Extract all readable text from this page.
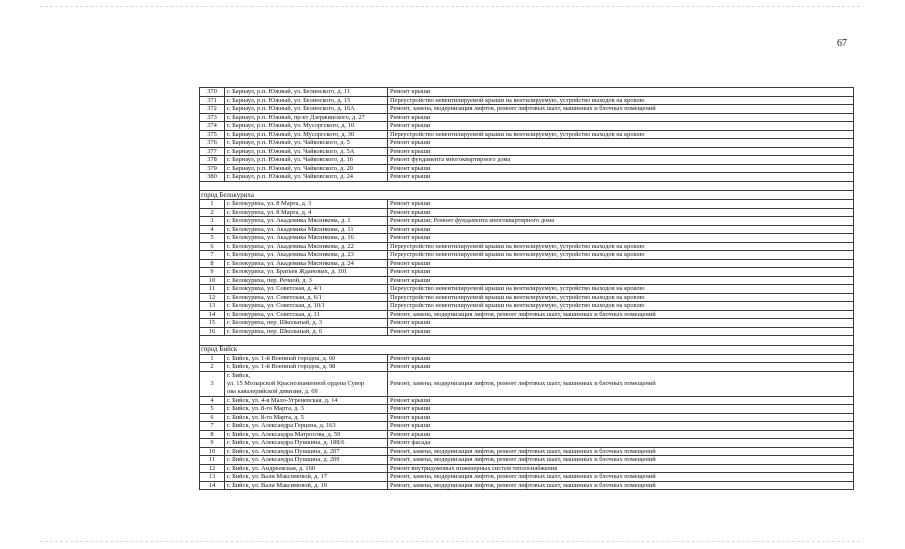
67
370	г. Барнаул, р.п. Южный, ул. Белинского, д. 11	Ремонт крыши
371	г. Барнаул, р.п. Южный, ул. Белинского, д. 15	Переустройство невентилируемой крыши на вентилируемую, устройство выходов на кровлю
372	г. Барнаул, р.п. Южный, ул. Белинского, д. 16А	Ремонт, замена, модернизация лифтов, ремонт лифтовых шахт, машинных и блочных помещений
373	г. Барнаул, р.п. Южный, пр-кт Дзержинского, д. 27	Ремонт крыши
374	г. Барнаул, р.п. Южный, ул. Мусоргского, д. 10	Ремонт крыши
375	г. Барнаул, р.п. Южный, ул. Мусоргского, д. 30	Переустройство невентилируемой крыши на вентилируемую, устройство выходов на кровлю
376	г. Барнаул, р.п. Южный, ул. Чайковского, д. 5	Ремонт крыши
377	г. Барнаул, р.п. Южный, ул. Чайковского, д. 5А	Ремонт крыши
378	г. Барнаул, р.п. Южный, ул. Чайковского, д. 16	Ремонт фундамента многоквартирного дома
379	г. Барнаул, р.п. Южный, ул. Чайковского, д. 20	Ремонт крыши
380	г. Барнаул, р.п. Южный, ул. Чайковского, д. 24	Ремонт крыши

город Белокуриха		
1	г. Белокуриха, ул. 8 Марта, д. 3	Ремонт крыши
2	г. Белокуриха, ул. 8 Марта, д. 4	Ремонт крыши
3	г. Белокуриха, ул. Академика Мясникова, д. 1	Ремонт крыши; Ремонт фундамента многоквартирного дома
4	г. Белокуриха, ул. Академика Мясникова, д. 11	Ремонт крыши
5	г. Белокуриха, ул. Академика Мясникова, д. 16	Ремонт крыши
6	г. Белокуриха, ул. Академика Мясникова, д. 22	Переустройство невентилируемой крыши на вентилируемую, устройство выходов на кровлю
7	г. Белокуриха, ул. Академика Мясникова, д. 23	Переустройство невентилируемой крыши на вентилируемую, устройство выходов на кровлю
8	г. Белокуриха, ул. Академика Мясникова, д. 24	Ремонт крыши
9	г. Белокуриха, ул. Братьев Ждановых, д. 101	Ремонт крыши
10	г. Белокуриха, пер. Речной, д. 3	Ремонт крыши
11	г. Белокуриха, ул. Советская, д. 4/1	Переустройство невентилируемой крыши на вентилируемую, устройство выходов на кровлю
12	г. Белокуриха, ул. Советская, д. 6/1	Переустройство невентилируемой крыши на вентилируемую, устройство выходов на кровлю
13	г. Белокуриха, ул. Советская, д. 10/1	Переустройство невентилируемой крыши на вентилируемую, устройство выходов на кровлю
14	г. Белокуриха, ул. Советская, д. 11	Ремонт, замена, модернизация лифтов, ремонт лифтовых шахт, машинных и блочных помещений
15	г. Белокуриха, пер. Школьный, д. 3	Ремонт крыши
16	г. Белокуриха, пер. Школьный, д. 6	Ремонт крыши

город Бийск		
1	г. Бийск, ул. 1-й Военный городок, д. 60	Ремонт крыши
2	г. Бийск, ул. 1-й Военный городок, д. 98	Ремонт крыши
3	г. Бийск,
ул. 15 Мозырской Краснознаменной ордена Сувор
ова кавалерийской дивизии, д. 69	Ремонт, замена, модернизация лифтов, ремонт лифтовых шахт, машинных и блочных помещений
4	г. Бийск, ул. 4-я Мало-Угреневская, д. 14	Ремонт крыши
5	г. Бийск, ул. 8-го Марта, д. 3	Ремонт крыши
6	г. Бийск, ул. 8-го Марта, д. 5	Ремонт крыши
7	г. Бийск, ул. Александра Герцена, д. 163	Ремонт крыши
8	г. Бийск, ул. Александра Матросова, д. 59	Ремонт крыши
9	г. Бийск, ул. Александра Пушкина, д. 188/6	Ремонт фасада
10	г. Бийск, ул. Александра Пушкина, д. 207	Ремонт, замена, модернизация лифтов, ремонт лифтовых шахт, машинных и блочных помещений
11	г. Бийск, ул. Александра Пушкина, д. 209	Ремонт, замена, модернизация лифтов, ремонт лифтовых шахт, машинных и блочных помещений
12	г. Бийск, ул. Андреевская, д. 160	Ремонт внутридомовых инженерных систем теплоснабжения
13	г. Бийск, ул. Вали Максимовой, д. 17	Ремонт, замена, модернизация лифтов, ремонт лифтовых шахт, машинных и блочных помещений
14	г. Бийск, ул. Вали Максимовой, д. 19	Ремонт, замена, модернизация лифтов, ремонт лифтовых шахт, машинных и блочных помещений
